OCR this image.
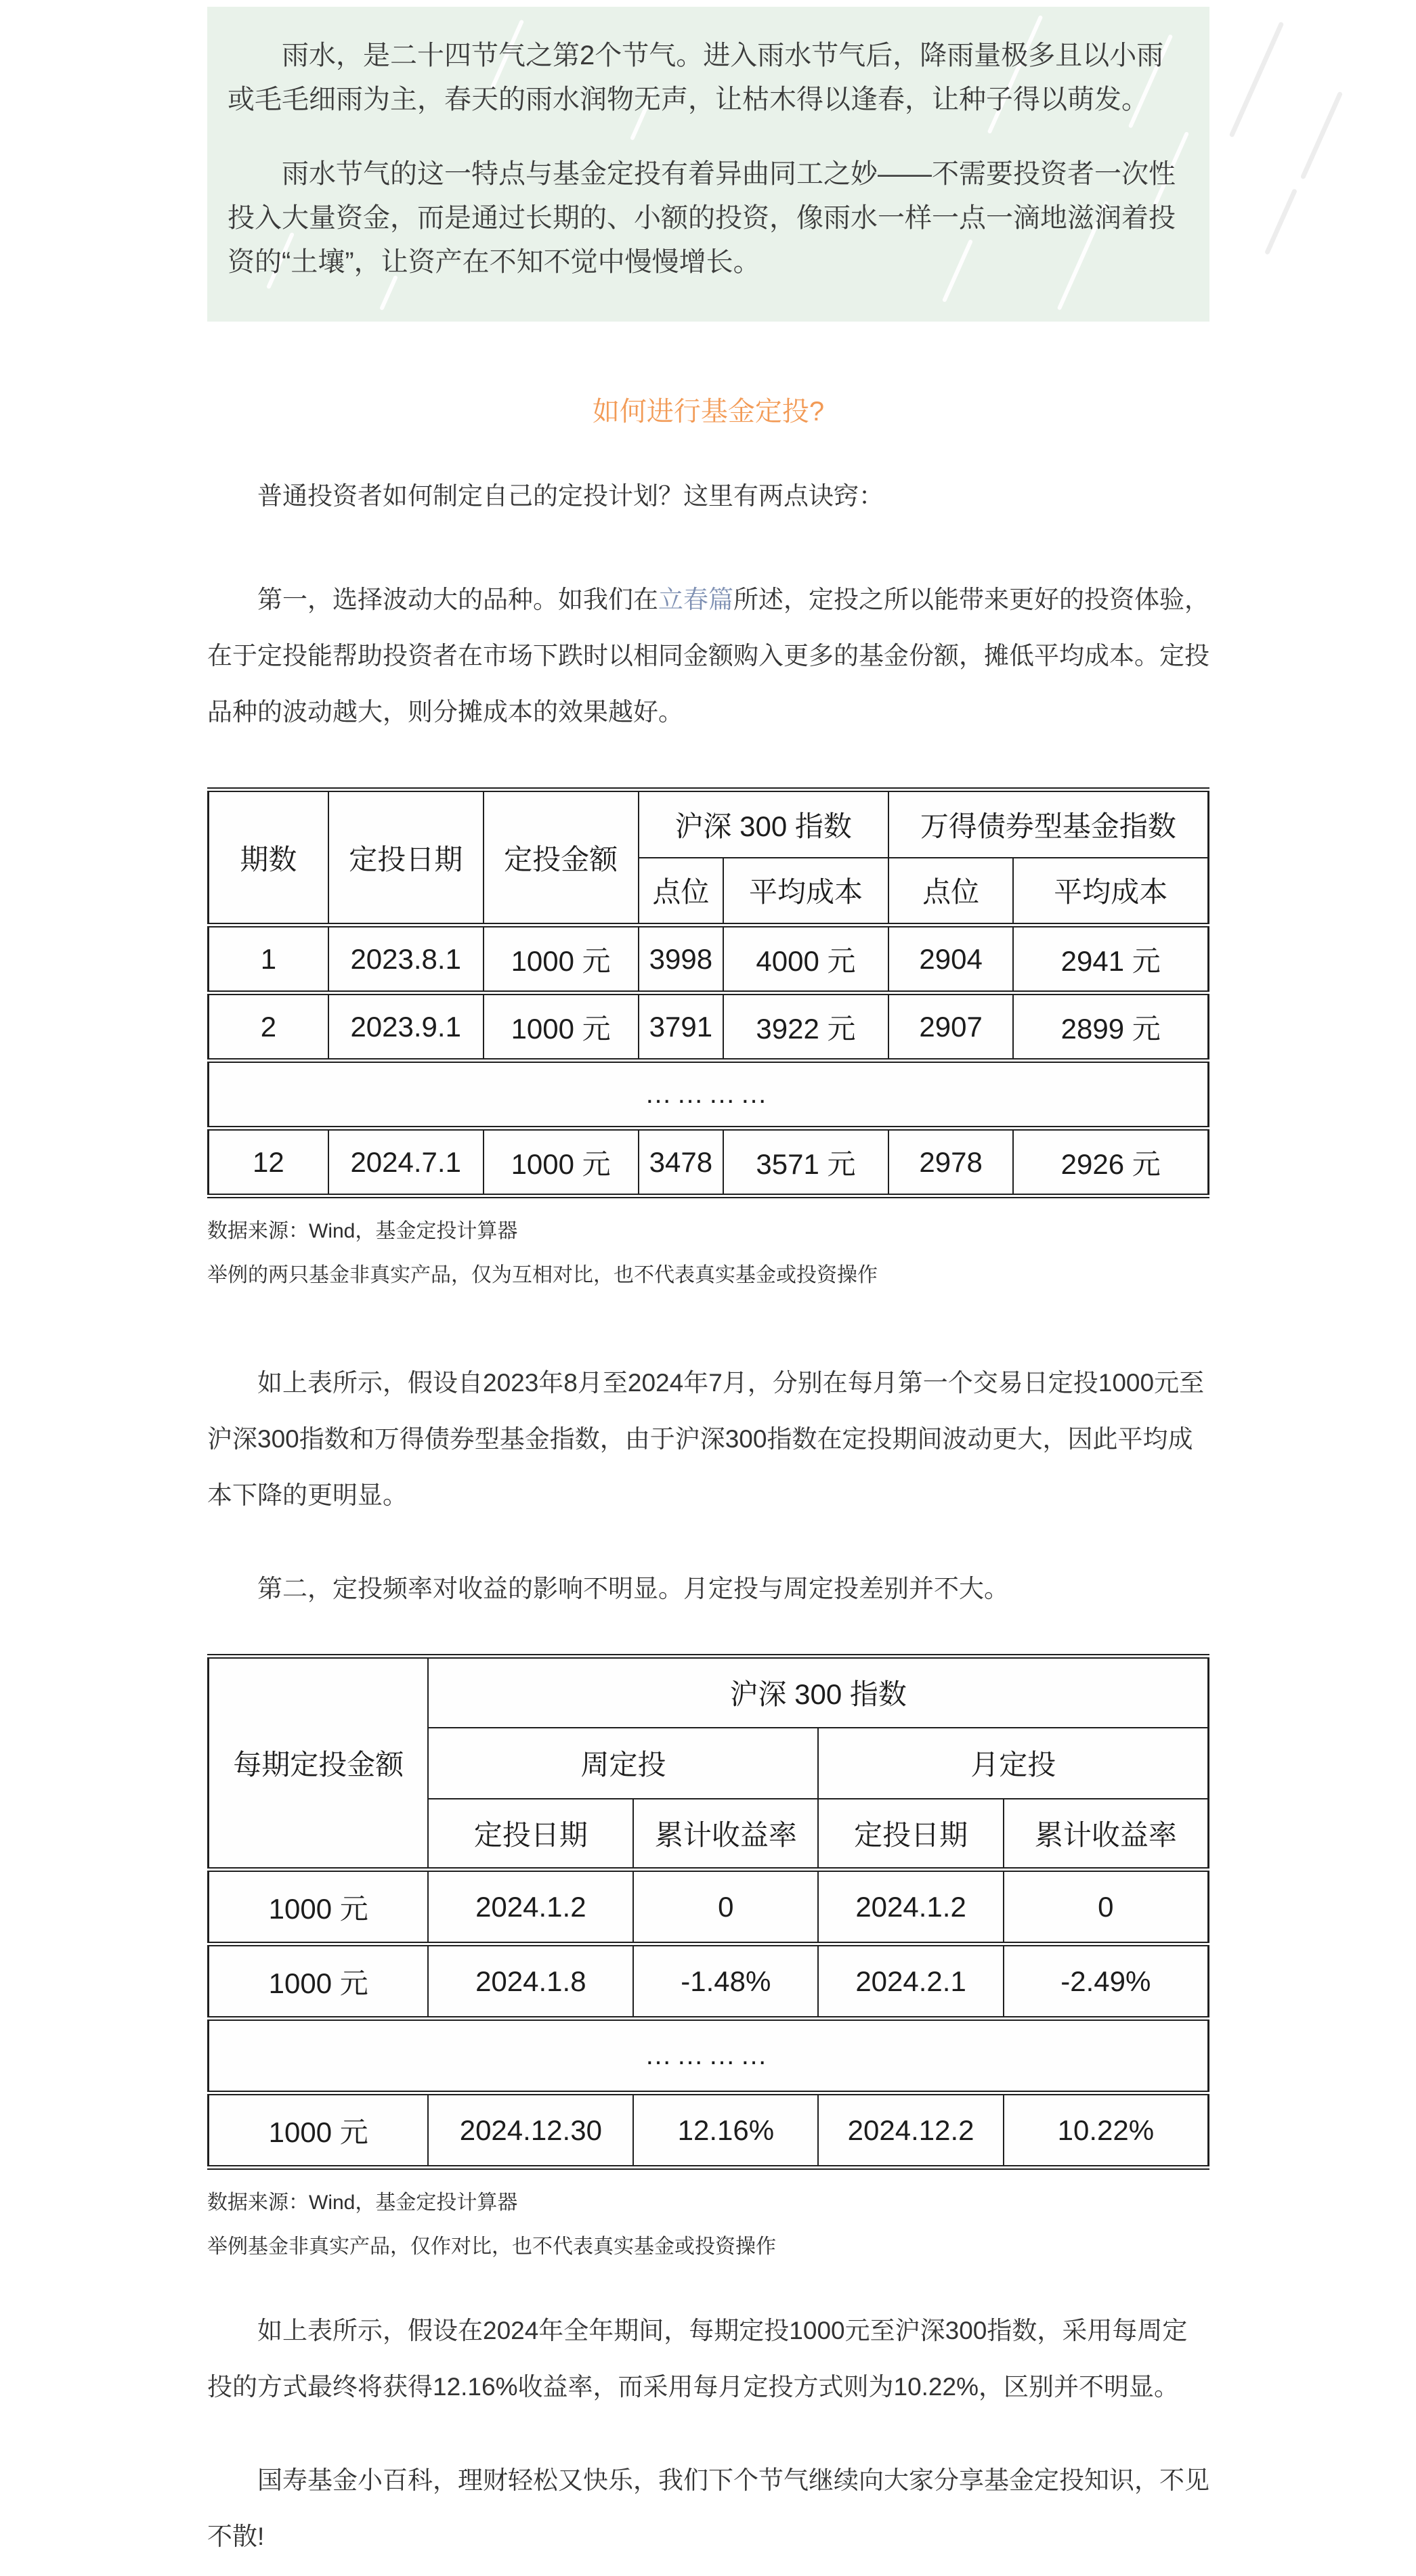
雨水，是二十四节气之第2个节气。进入雨水节气后，降雨量极多且以小雨或毛毛细雨为主，春天的雨水润物无声，让枯木得以逢春，让种子得以萌发。

雨水节气的这一特点与基金定投有着异曲同工之妙——不需要投资者一次性投入大量资金，而是通过长期的、小额的投资，像雨水一样一点一滴地滋润着投资的“土壤”，让资产在不知不觉中慢慢增长。

如何进行基金定投?

普通投资者如何制定自己的定投计划？这里有两点诀窍：

第一，选择波动大的品种。如我们在立春篇所述，定投之所以能带来更好的投资体验，在于定投能帮助投资者在市场下跌时以相同金额购入更多的基金份额，摊低平均成本。定投品种的波动越大，则分摊成本的效果越好。

期数	定投日期	定投金额	沪深 300 指数		万得债券型基金指数	
			点位	平均成本	点位	平均成本
1	2023.8.1	1000 元	3998	4000 元	2904	2941 元
2	2023.9.1	1000 元	3791	3922 元	2907	2899 元
…………						
12	2024.7.1	1000 元	3478	3571 元	2978	2926 元

数据来源：Wind，基金定投计算器

举例的两只基金非真实产品，仅为互相对比，也不代表真实基金或投资操作

如上表所示，假设自2023年8月至2024年7月，分别在每月第一个交易日定投1000元至沪深300指数和万得债券型基金指数，由于沪深300指数在定投期间波动更大，因此平均成本下降的更明显。

第二，定投频率对收益的影响不明显。月定投与周定投差别并不大。

每期定投金额	沪深 300 指数			
	周定投		月定投	
	定投日期	累计收益率	定投日期	累计收益率
1000 元	2024.1.2	0	2024.1.2	0
1000 元	2024.1.8	-1.48%	2024.2.1	-2.49%
…………				
1000 元	2024.12.30	12.16%	2024.12.2	10.22%

数据来源：Wind，基金定投计算器

举例基金非真实产品，仅作对比，也不代表真实基金或投资操作

如上表所示，假设在2024年全年期间，每期定投1000元至沪深300指数，采用每周定投的方式最终将获得12.16%收益率，而采用每月定投方式则为10.22%，区别并不明显。

国寿基金小百科，理财轻松又快乐，我们下个节气继续向大家分享基金定投知识，不见不散!
